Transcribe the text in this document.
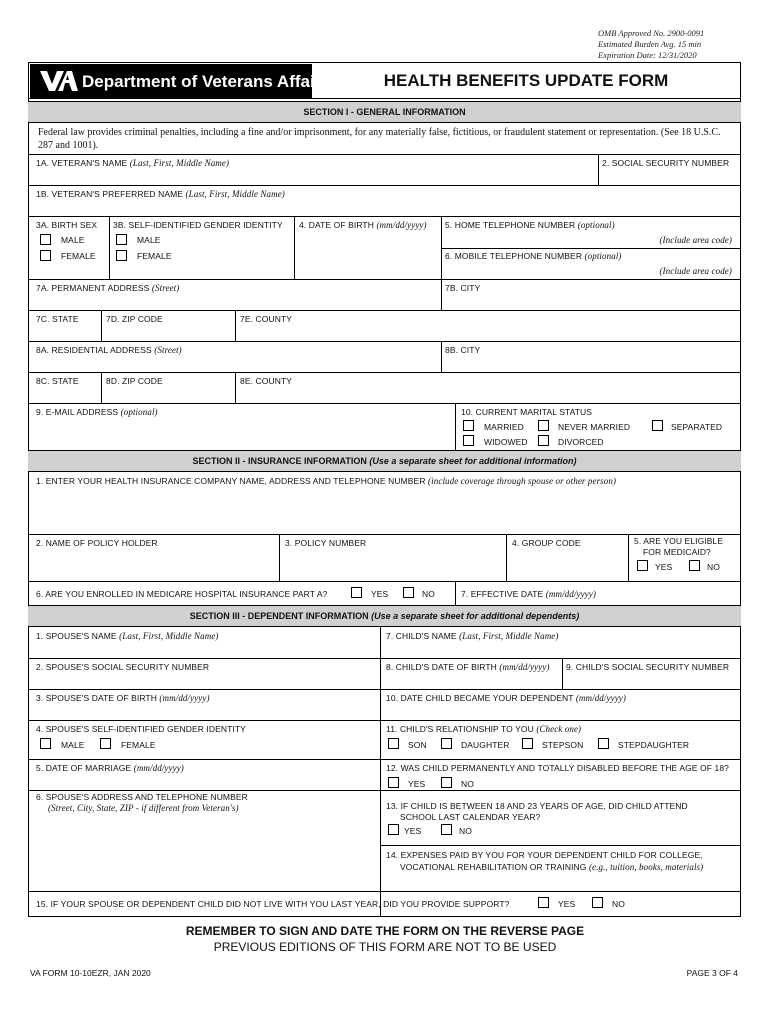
OMB Approved No. 2900-0091
Estimated Burden Avg. 15 min
Expiration Date: 12/31/2020
Department of Veterans Affairs	HEALTH BENEFITS UPDATE FORM
SECTION I - GENERAL INFORMATION
Federal law provides criminal penalties, including a fine and/or imprisonment, for any materially false, fictitious, or fraudulent statement or representation. (See 18 U.S.C. 287 and 1001).
1A. VETERAN'S NAME (Last, First, Middle Name)	2. SOCIAL SECURITY NUMBER
1B. VETERAN'S PREFERRED NAME (Last, First, Middle Name)
3A. BIRTH SEX
MALE
FEMALE
3B. SELF-IDENTIFIED GENDER IDENTITY
MALE
FEMALE
4. DATE OF BIRTH (mm/dd/yyyy) 5. HOME TELEPHONE NUMBER (optional)
(Include area code)
6. MOBILE TELEPHONE NUMBER (optional)
(Include area code)
7A. PERMANENT ADDRESS (Street)	7B. CITY
7C. STATE	7D. ZIP CODE	7E. COUNTY
8A. RESIDENTIAL ADDRESS (Street)	8B. CITY
8C. STATE	8D. ZIP CODE	8E. COUNTY
9. E-MAIL ADDRESS (optional)	10. CURRENT MARITAL STATUS
MARRIED	NEVER MARRIED	SEPARATED
WIDOWED	DIVORCED
SECTION II - INSURANCE INFORMATION (Use a separate sheet for additional information)
1. ENTER YOUR HEALTH INSURANCE COMPANY NAME, ADDRESS AND TELEPHONE NUMBER (include coverage through spouse or other person)
2. NAME OF POLICY HOLDER	3. POLICY NUMBER	4. GROUP CODE	5. ARE YOU ELIGIBLE
FOR MEDICAID?
YES	NO
6. ARE YOU ENROLLED IN MEDICARE HOSPITAL INSURANCE PART A?	YES	NO	7. EFFECTIVE DATE (mm/dd/yyyy)
SECTION III - DEPENDENT INFORMATION (Use a separate sheet for additional dependents)
1. SPOUSE'S NAME (Last, First, Middle Name)	7. CHILD'S NAME (Last, First, Middle Name)
2. SPOUSE'S SOCIAL SECURITY NUMBER	8. CHILD'S DATE OF BIRTH (mm/dd/yyyy) 9. CHILD'S SOCIAL SECURITY NUMBER
3. SPOUSE'S DATE OF BIRTH (mm/dd/yyyy)	10. DATE CHILD BECAME YOUR DEPENDENT (mm/dd/yyyy)
4. SPOUSE'S SELF-IDENTIFIED GENDER IDENTITY
MALE	FEMALE
11. CHILD'S RELATIONSHIP TO YOU (Check one)
SON	DAUGHTER	STEPSON	STEPDAUGHTER
5. DATE OF MARRIAGE (mm/dd/yyyy)	12. WAS CHILD PERMANENTLY AND TOTALLY DISABLED BEFORE THE AGE OF 18?
YES	NO
6. SPOUSE'S ADDRESS AND TELEPHONE NUMBER
(Street, City, State, ZIP - if different from Veteran's)	13. IF CHILD IS BETWEEN 18 AND 23 YEARS OF AGE, DID CHILD ATTEND
SCHOOL LAST CALENDAR YEAR?
YES	NO
14. EXPENSES PAID BY YOU FOR YOUR DEPENDENT CHILD FOR COLLEGE,
VOCATIONAL REHABILITATION OR TRAINING (e.g., tuition, books, materials)
15. IF YOUR SPOUSE OR DEPENDENT CHILD DID NOT LIVE WITH YOU LAST YEAR, DID YOU PROVIDE SUPPORT?	YES	NO
REMEMBER TO SIGN AND DATE THE FORM ON THE REVERSE PAGE
PREVIOUS EDITIONS OF THIS FORM ARE NOT TO BE USED
VA FORM 10-10EZR, JAN 2020	PAGE 3 OF 4
